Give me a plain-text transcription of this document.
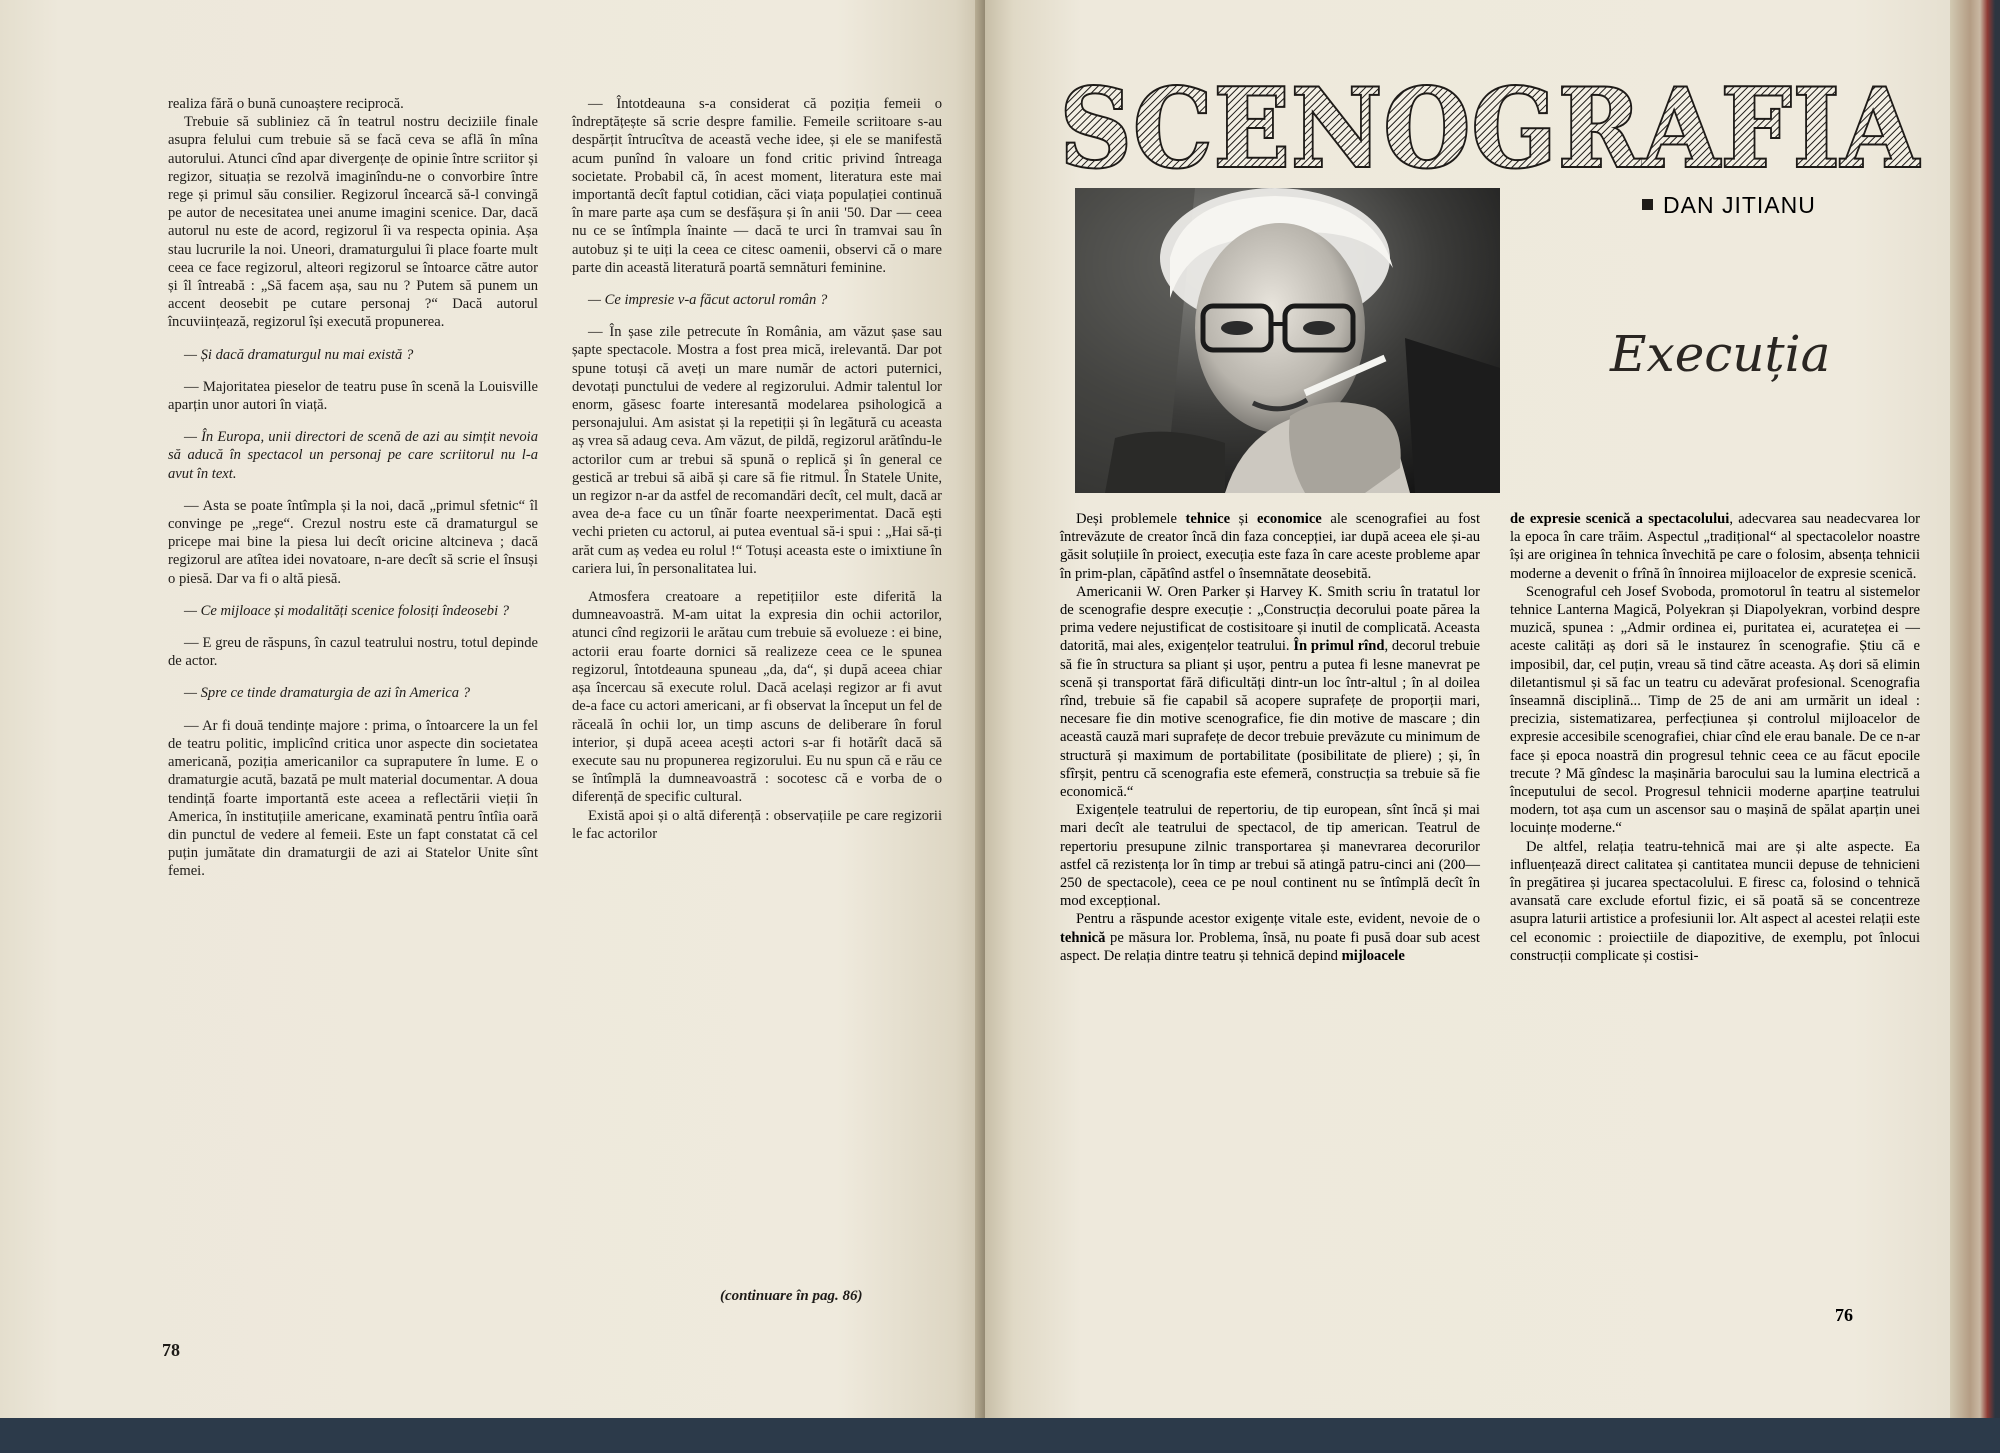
realiza fără o bună cunoaștere reciprocă.

Trebuie să subliniez că în teatrul nostru deciziile finale asupra felului cum trebuie să se facă ceva se află în mîna autorului. Atunci cînd apar divergențe de opinie între scriitor și regizor, situația se rezolvă imaginîndu-ne o convorbire între rege și primul său consilier. Regizorul încearcă să-l convingă pe autor de necesitatea unei anume imagini scenice. Dar, dacă autorul nu este de acord, regizorul îi va respecta opinia. Așa stau lucrurile la noi. Uneori, dramaturgului îi place foarte mult ceea ce face regizorul, alteori regizorul se întoarce către autor și îl întreabă : „Să facem așa, sau nu ? Putem să punem un accent deosebit pe cutare personaj ?“ Dacă autorul încuviințează, regizorul își execută propunerea.

— Și dacă dramaturgul nu mai există ?

— Majoritatea pieselor de teatru puse în scenă la Louisville aparțin unor autori în viață.

— În Europa, unii directori de scenă de azi au simțit nevoia să aducă în spectacol un personaj pe care scriitorul nu l-a avut în text.

— Asta se poate întîmpla și la noi, dacă „primul sfetnic“ îl convinge pe „rege“. Crezul nostru este că dramaturgul se pricepe mai bine la piesa lui decît oricine altcineva ; dacă regizorul are atîtea idei novatoare, n-are decît să scrie el însuși o piesă. Dar va fi o altă piesă.

— Ce mijloace și modalități scenice folosiți îndeosebi ?

— E greu de răspuns, în cazul teatrului nostru, totul depinde de actor.

— Spre ce tinde dramaturgia de azi în America ?

— Ar fi două tendințe majore : prima, o întoarcere la un fel de teatru politic, implicînd critica unor aspecte din societatea americană, poziția americanilor ca supraputere în lume. E o dramaturgie acută, bazată pe mult material documentar. A doua tendință foarte importantă este aceea a reflectării vieții în America, în instituțiile americane, examinată pentru întîia oară din punctul de vedere al femeii. Este un fapt constatat că cel puțin jumătate din dramaturgii de azi ai Statelor Unite sînt femei.

— Întotdeauna s-a considerat că poziția femeii o îndreptățește să scrie despre familie. Femeile scriitoare s-au despărțit întrucîtva de această veche idee, și ele se manifestă acum punînd în valoare un fond critic privind întreaga societate. Probabil că, în acest moment, literatura este mai importantă decît faptul cotidian, căci viața populației continuă în mare parte așa cum se desfășura și în anii '50. Dar — ceea nu ce se întîmpla înainte — dacă te urci în tramvai sau în autobuz și te uiți la ceea ce citesc oamenii, observi că o mare parte din această literatură poartă semnături feminine.

— Ce impresie v-a făcut actorul român ?

— În șase zile petrecute în România, am văzut șase sau șapte spectacole. Mostra a fost prea mică, irelevantă. Dar pot spune totuși că aveți un mare număr de actori puternici, devotați punctului de vedere al regizorului. Admir talentul lor enorm, găsesc foarte interesantă modelarea psihologică a personajului. Am asistat și la repetiții și în legătură cu aceasta aș vrea să adaug ceva. Am văzut, de pildă, regizorul arătîndu-le actorilor cum ar trebui să spună o replică și în general ce gestică ar trebui să aibă și care să fie ritmul. În Statele Unite, un regizor n-ar da astfel de recomandări decît, cel mult, dacă ar avea de-a face cu un tînăr foarte neexperimentat. Dacă ești vechi prieten cu actorul, ai putea eventual să-i spui : „Hai să-ți arăt cum aș vedea eu rolul !“ Totuși aceasta este o imixtiune în cariera lui, în personalitatea lui.

Atmosfera creatoare a repetițiilor este diferită la dumneavoastră. M-am uitat la expresia din ochii actorilor, atunci cînd regizorii le arătau cum trebuie să evolueze : ei bine, actorii erau foarte dornici să realizeze ceea ce le spunea regizorul, întotdeauna spuneau „da, da“, și după aceea chiar așa încercau să execute rolul. Dacă același regizor ar fi avut de-a face cu actori americani, ar fi observat la început un fel de răceală în ochii lor, un timp ascuns de deliberare în forul interior, și după aceea acești actori s-ar fi hotărît dacă să execute sau nu propunerea regizorului. Eu nu spun că e rău ce se întîmplă la dumneavoastră : socotesc că e vorba de o diferență de specific cultural.

Există apoi și o altă diferență : observațiile pe care regizorii le fac actorilor

(continuare în pag. 86)
78
SCENOGRAFIA
DAN JITIANU
Execuția

Deși problemele tehnice și economice ale scenografiei au fost întrevăzute de creator încă din faza concepției, iar după aceea ele și-au găsit soluțiile în proiect, execuția este faza în care aceste probleme apar în prim-plan, căpătînd astfel o însemnătate deosebită.

Americanii W. Oren Parker și Harvey K. Smith scriu în tratatul lor de scenografie despre execuție : „Construcția decorului poate părea la prima vedere nejustificat de costisitoare și inutil de complicată. Aceasta datorită, mai ales, exigențelor teatrului. În primul rînd, decorul trebuie să fie în structura sa pliant și ușor, pentru a putea fi lesne manevrat pe scenă și transportat fără dificultăți dintr-un loc într-altul ; în al doilea rînd, trebuie să fie capabil să acopere suprafețe de proporții mari, necesare fie din motive scenografice, fie din motive de mascare ; din această cauză mari suprafețe de decor trebuie prevăzute cu minimum de structură și maximum de portabilitate (posibilitate de pliere) ; și, în sfîrșit, pentru că scenografia este efemeră, construcția sa trebuie să fie economică.“

Exigențele teatrului de repertoriu, de tip european, sînt încă și mai mari decît ale teatrului de spectacol, de tip american. Teatrul de repertoriu presupune zilnic transportarea și manevrarea decorurilor astfel că rezistența lor în timp ar trebui să atingă patru-cinci ani (200—250 de spectacole), ceea ce pe noul continent nu se întîmplă decît în mod excepțional.

Pentru a răspunde acestor exigențe vitale este, evident, nevoie de o tehnică pe măsura lor. Problema, însă, nu poate fi pusă doar sub acest aspect. De relația dintre teatru și tehnică depind mijloacele

de expresie scenică a spectacolului, adecvarea sau neadecvarea lor la epoca în care trăim. Aspectul „tradițional“ al spectacolelor noastre își are originea în tehnica învechită pe care o folosim, absența tehnicii moderne a devenit o frînă în înnoirea mijloacelor de expresie scenică.

Scenograful ceh Josef Svoboda, promotorul în teatru al sistemelor tehnice Lanterna Magică, Polyekran și Diapolyekran, vorbind despre muzică, spunea : „Admir ordinea ei, puritatea ei, acuratețea ei — aceste calități aș dori să le instaurez în scenografie. Știu că e imposibil, dar, cel puțin, vreau să tind către aceasta. Aș dori să elimin diletantismul și să fac un teatru cu adevărat profesional. Scenografia înseamnă disciplină... Timp de 25 de ani am urmărit un ideal : precizia, sistematizarea, perfecțiunea și controlul mijloacelor de expresie accesibile scenografiei, chiar cînd ele erau banale. De ce n-ar face și epoca noastră din progresul tehnic ceea ce au făcut epocile trecute ? Mă gîndesc la mașinăria barocului sau la lumina electrică a începutului de secol. Progresul tehnicii moderne aparține teatrului modern, tot așa cum un ascensor sau o mașină de spălat aparțin unei locuințe moderne.“

De altfel, relația teatru-tehnică mai are și alte aspecte. Ea influențează direct calitatea și cantitatea muncii depuse de tehnicieni în pregătirea și jucarea spectacolului. E firesc ca, folosind o tehnică avansată care exclude efortul fizic, ei să poată să se concentreze asupra laturii artistice a profesiunii lor. Alt aspect al acestei relații este cel economic : proiectiile de diapozitive, de exemplu, pot înlocui construcții complicate și costisi-

76
